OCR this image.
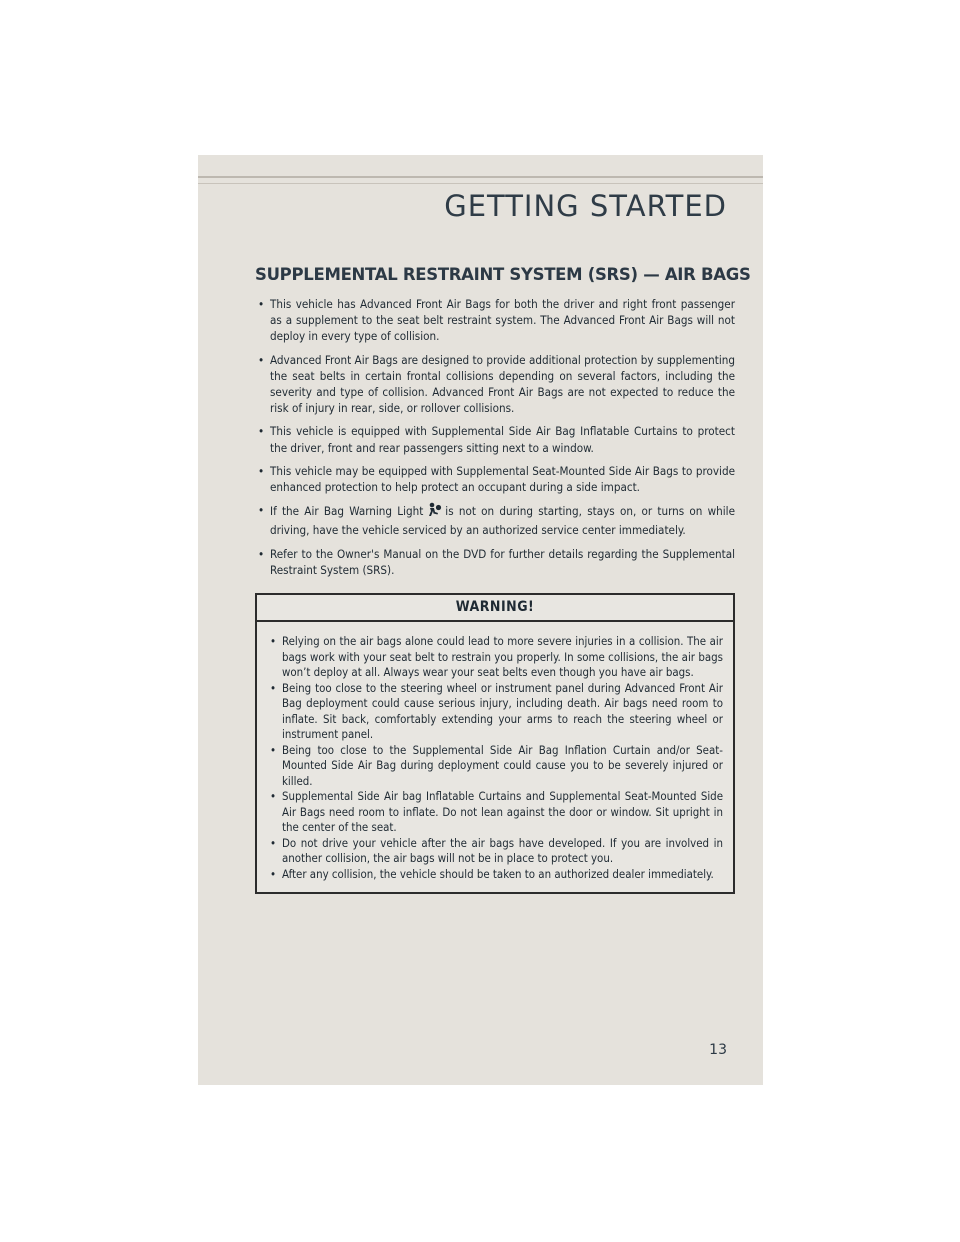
GETTING STARTED
SUPPLEMENTAL RESTRAINT SYSTEM (SRS) — AIR BAGS
• This vehicle has Advanced Front Air Bags for both the driver and right front passenger as a supplement to the seat belt restraint system. The Advanced Front Air Bags will not deploy in every type of collision.
• Advanced Front Air Bags are designed to provide additional protection by supplementing the seat belts in certain frontal collisions depending on several factors, including the severity and type of collision. Advanced Front Air Bags are not expected to reduce the risk of injury in rear, side, or rollover collisions.
• This vehicle is equipped with Supplemental Side Air Bag Inflatable Curtains to protect the driver, front and rear passengers sitting next to a window.
• This vehicle may be equipped with Supplemental Seat-Mounted Side Air Bags to provide enhanced protection to help protect an occupant during a side impact.
• If the Air Bag Warning Light is not on during starting, stays on, or turns on while driving, have the vehicle serviced by an authorized service center immediately.
• Refer to the Owner's Manual on the DVD for further details regarding the Supplemental Restraint System (SRS).
WARNING!
• Relying on the air bags alone could lead to more severe injuries in a collision. The air bags work with your seat belt to restrain you properly. In some collisions, the air bags won’t deploy at all. Always wear your seat belts even though you have air bags.
• Being too close to the steering wheel or instrument panel during Advanced Front Air Bag deployment could cause serious injury, including death. Air bags need room to inflate. Sit back, comfortably extending your arms to reach the steering wheel or instrument panel.
• Being too close to the Supplemental Side Air Bag Inflation Curtain and/or Seat-Mounted Side Air Bag during deployment could cause you to be severely injured or killed.
• Supplemental Side Air bag Inflatable Curtains and Supplemental Seat-Mounted Side Air Bags need room to inflate. Do not lean against the door or window. Sit upright in the center of the seat.
• Do not drive your vehicle after the air bags have developed. If you are involved in another collision, the air bags will not be in place to protect you.
• After any collision, the vehicle should be taken to an authorized dealer immediately.
13
